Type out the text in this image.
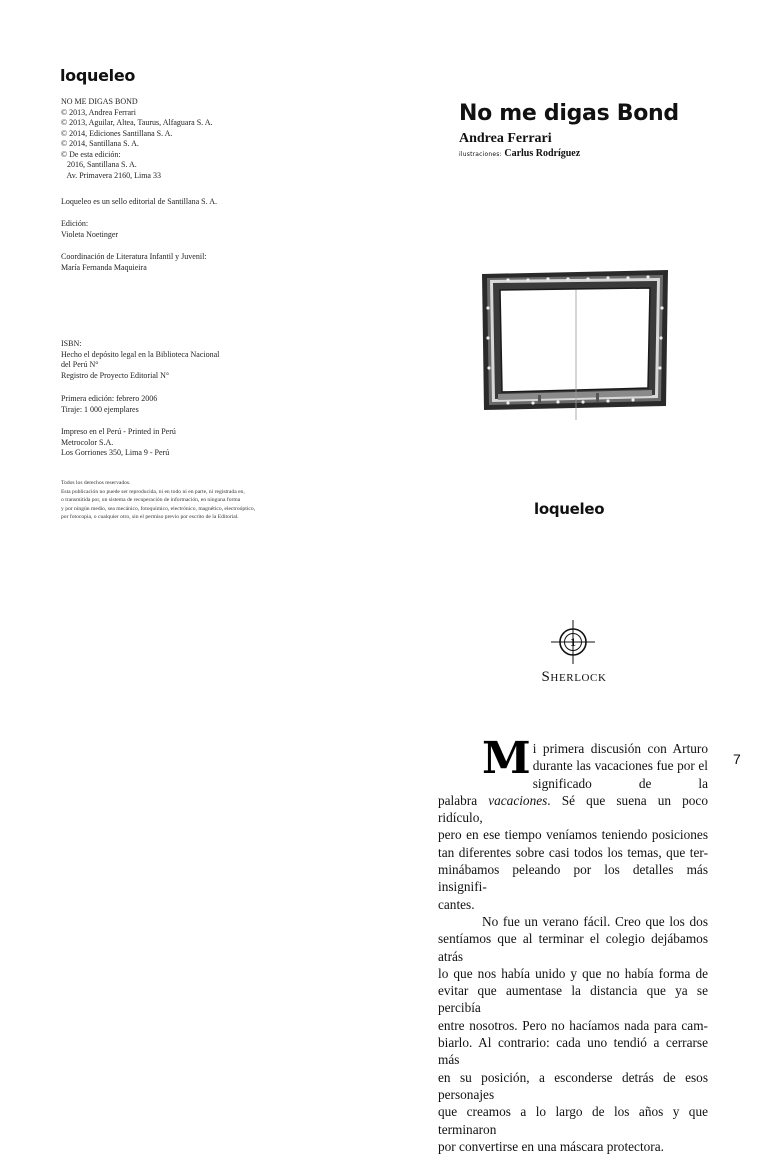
loqueleo
NO ME DIGAS BOND
© 2013, Andrea Ferrari
© 2013, Aguilar, Altea, Taurus, Alfaguara S. A.
© 2014, Ediciones Santillana S. A.
© 2014, Santillana S. A.
© De esta edición:
2016, Santillana S. A.
Av. Primavera 2160, Lima 33
Loqueleo es un sello editorial de Santillana S. A.
Edición:
Violeta Noetinger
Coordinación de Literatura Infantil y Juvenil:
María Fernanda Maquieira
ISBN:
Hecho el depósito legal en la Biblioteca Nacional
del Perú N°
Registro de Proyecto Editorial N°
Primera edición: febrero 2006
Tiraje: 1 000 ejemplares
Impreso en el Perú - Printed in Perú
Metrocolor S.A.
Los Gorriones 350, Lima 9 - Perú
Todos los derechos reservados.
Esta publicación no puede ser reproducida, ni en todo ni en parte, ni registrada en,
o transmitida por, un sistema de recuperación de información, en ninguna forma
y por ningún medio, sea mecánico, fotoquímico, electrónico, magnético, electroóptico,
por fotocopia, o cualquier otro, sin el permiso previo por escrito de la Editorial.
No me digas Bond
Andrea Ferrari
ilustraciones: Carlus Rodríguez
loqueleo
1
Sherlock
7

M i primera discusión con Arturo
durante las vacaciones fue por el significado de la
palabra vacaciones. Sé que suena un poco ridículo,
pero en ese tiempo veníamos teniendo posiciones
tan diferentes sobre casi todos los temas, que ter-
minábamos peleando por los detalles más insignifi-
cantes.

No fue un verano fácil. Creo que los dos
sentíamos que al terminar el colegio dejábamos atrás
lo que nos había unido y que no había forma de
evitar que aumentase la distancia que ya se percibía
entre nosotros. Pero no hacíamos nada para cam-
biarlo. Al contrario: cada uno tendió a cerrarse más
en su posición, a esconderse detrás de esos personajes
que creamos a lo largo de los años y que terminaron
por convertirse en una máscara protectora.
